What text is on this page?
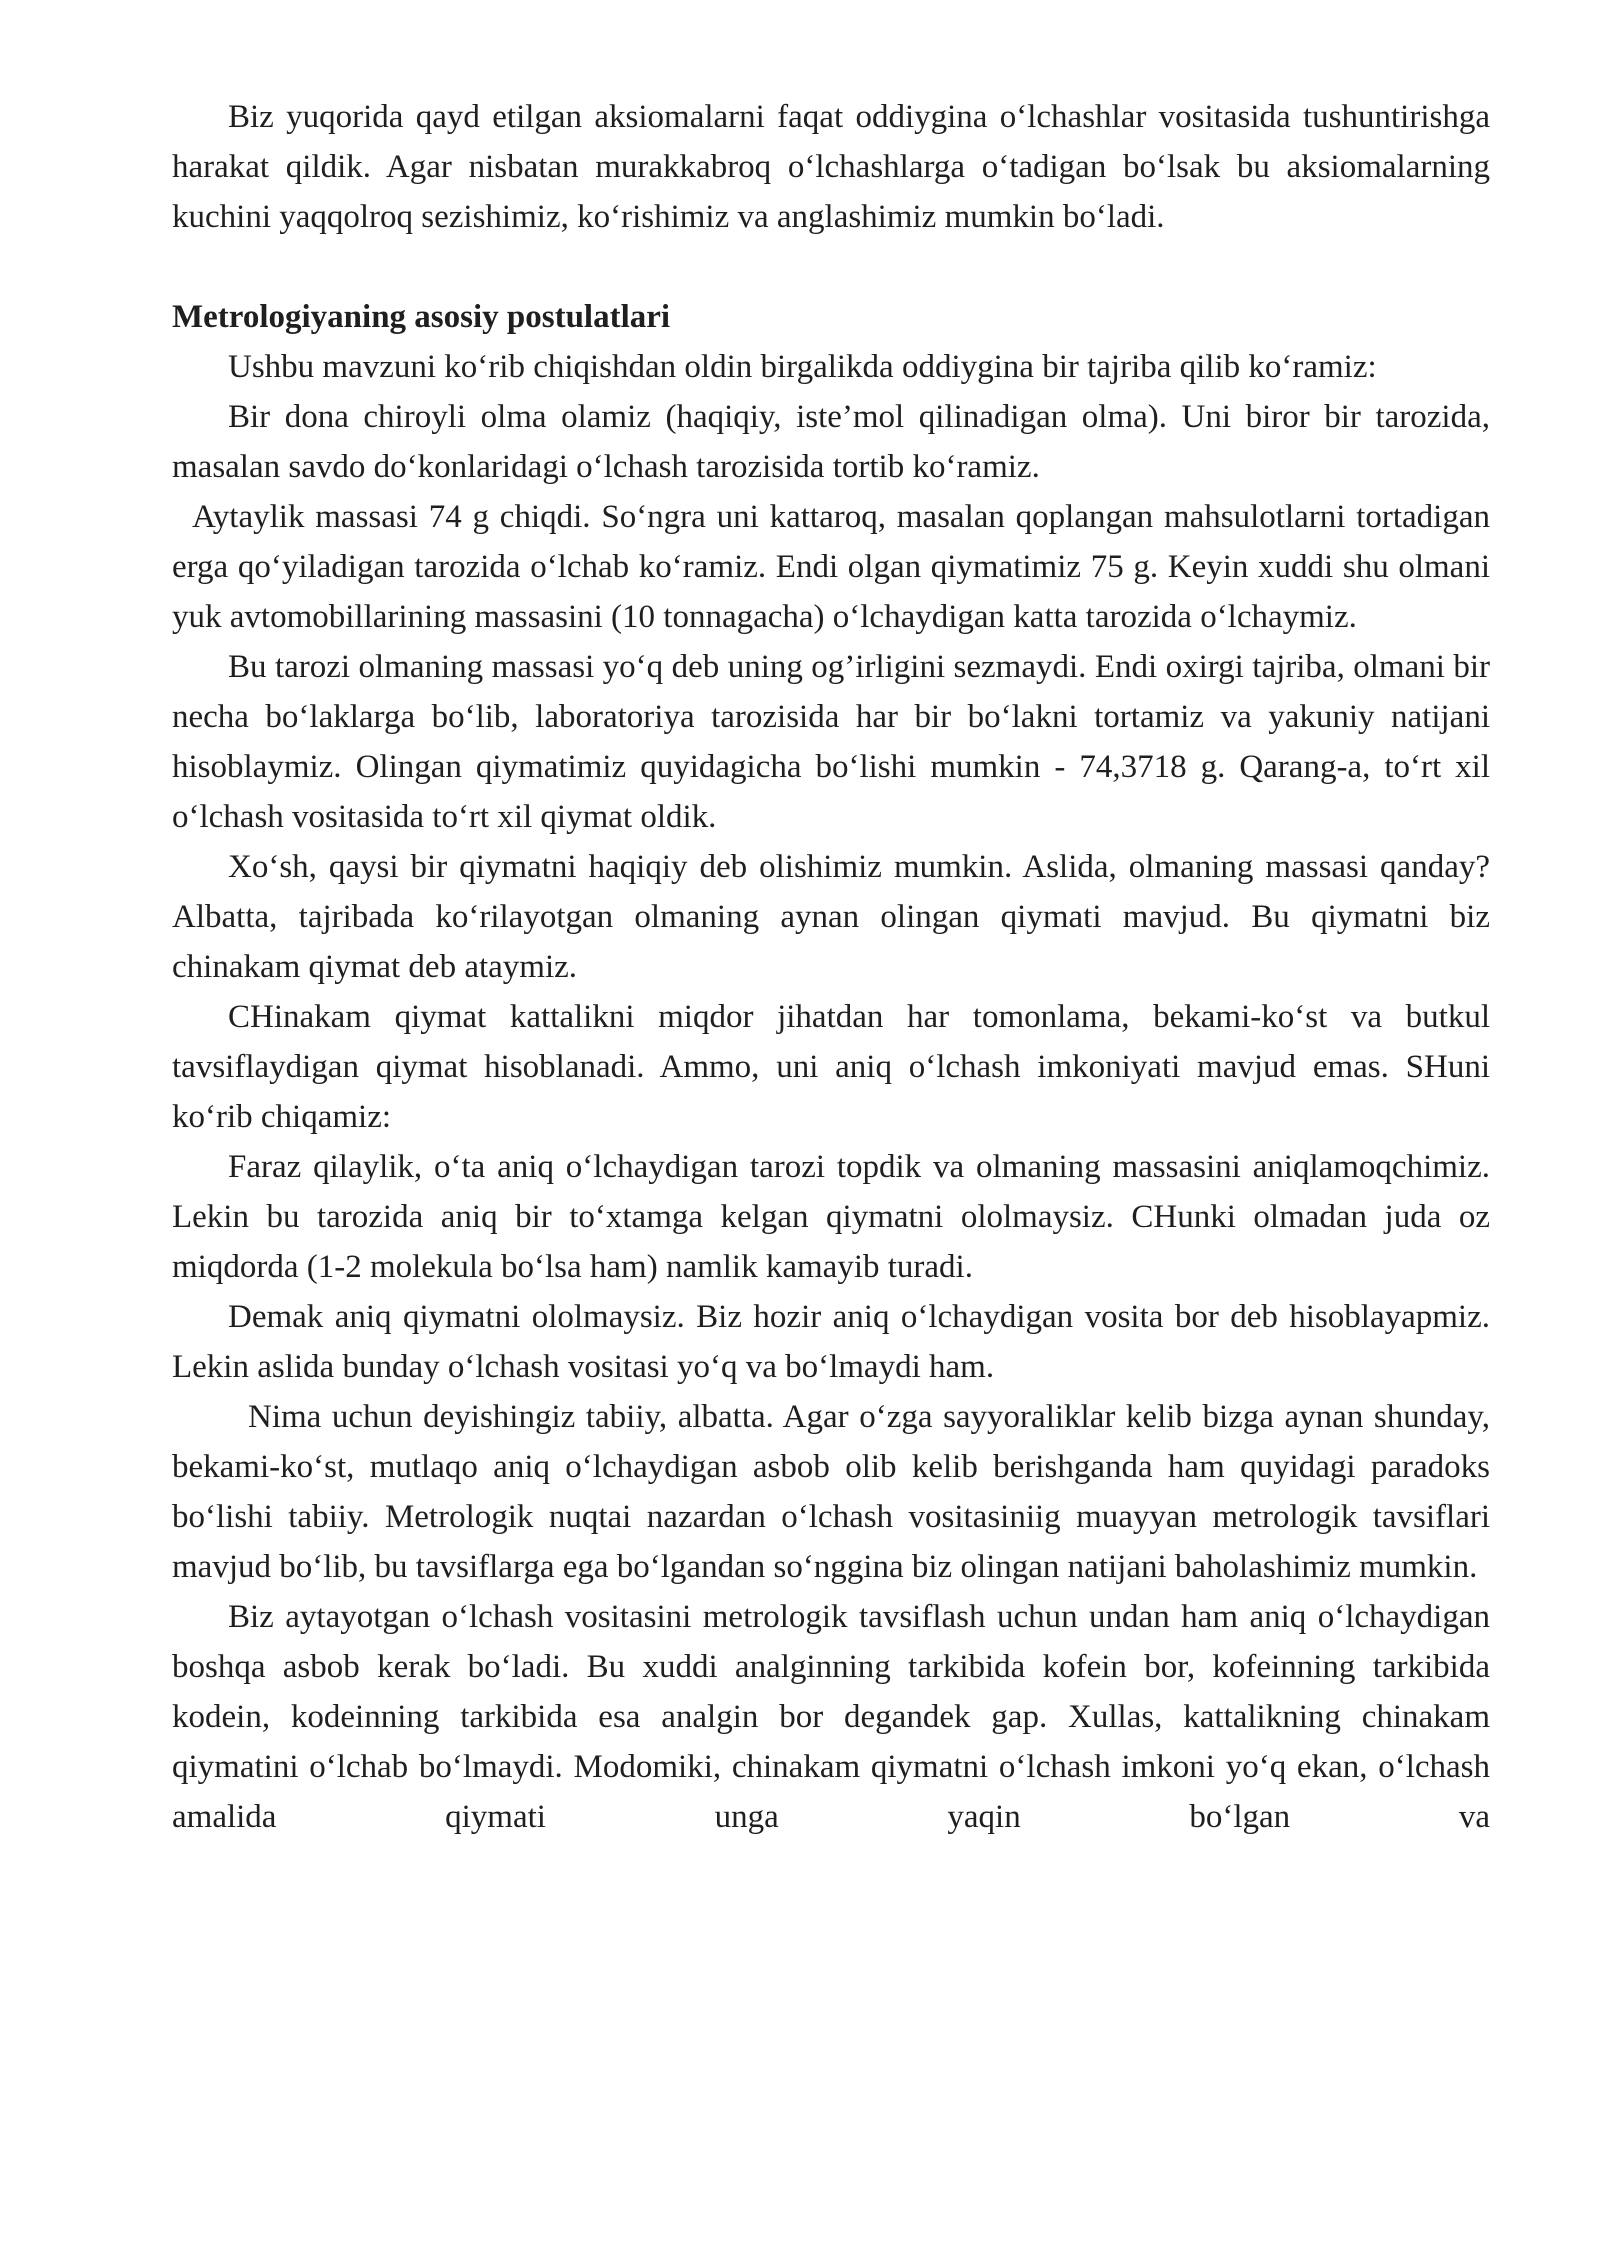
Biz yuqorida qayd etilgan aksiomalarni faqat oddiygina o‘lchashlar vositasida tushuntirishga harakat qildik. Agar nisbatan murakkabroq o‘lchashlarga o‘tadigan bo‘lsak bu aksiomalarning kuchini yaqqolroq sezishimiz, ko‘rishimiz va anglashimiz mumkin bo‘ladi.

Metrologiyaning asosiy postulatlari

Ushbu mavzuni ko‘rib chiqishdan oldin birgalikda oddiygina bir tajriba qilib ko‘ramiz:

Bir dona chiroyli olma olamiz (haqiqiy, iste’mol qilinadigan olma). Uni biror bir tarozida, masalan savdo do‘konlaridagi o‘lchash tarozisida tortib ko‘ramiz.

Aytaylik massasi 74 g chiqdi. So‘ngra uni kattaroq, masalan qoplangan mahsulotlarni tortadigan erga qo‘yiladigan tarozida o‘lchab ko‘ramiz. Endi olgan qiymatimiz 75 g. Keyin xuddi shu olmani yuk avtomobillarining massasini (10 tonnagacha) o‘lchaydigan katta tarozida o‘lchaymiz.

Bu tarozi olmaning massasi yo‘q deb uning og’irligini sezmaydi. Endi oxirgi tajriba, olmani bir necha bo‘laklarga bo‘lib, laboratoriya tarozisida har bir bo‘lakni tortamiz va yakuniy natijani hisoblaymiz. Olingan qiymatimiz quyidagicha bo‘lishi mumkin - 74,3718 g. Qarang-a, to‘rt xil o‘lchash vositasida to‘rt xil qiymat oldik.

Xo‘sh, qaysi bir qiymatni haqiqiy deb olishimiz mumkin. Aslida, olmaning massasi qanday? Albatta, tajribada ko‘rilayotgan olmaning aynan olingan qiymati mavjud. Bu qiymatni biz chinakam qiymat deb ataymiz.

CHinakam qiymat kattalikni miqdor jihatdan har tomonlama, bekami-ko‘st va butkul tavsiflaydigan qiymat hisoblanadi. Ammo, uni aniq o‘lchash imkoniyati mavjud emas. SHuni ko‘rib chiqamiz:

Faraz qilaylik, o‘ta aniq o‘lchaydigan tarozi topdik va olmaning massasini aniqlamoqchimiz. Lekin bu tarozida aniq bir to‘xtamga kelgan qiymatni ololmaysiz. CHunki olmadan juda oz miqdorda (1-2 molekula bo‘lsa ham) namlik kamayib turadi.

Demak aniq qiymatni ololmaysiz. Biz hozir aniq o‘lchaydigan vosita bor deb hisoblayapmiz. Lekin aslida bunday o‘lchash vositasi yo‘q va bo‘lmaydi ham.

Nima uchun deyishingiz tabiiy, albatta. Agar o‘zga sayyoraliklar kelib bizga aynan shunday, bekami-ko‘st, mutlaqo aniq o‘lchaydigan asbob olib kelib berishganda ham quyidagi paradoks bo‘lishi tabiiy. Metrologik nuqtai nazardan o‘lchash vositasiniig muayyan metrologik tavsiflari mavjud bo‘lib, bu tavsiflarga ega bo‘lgandan so‘nggina biz olingan natijani baholashimiz mumkin.

Biz aytayotgan o‘lchash vositasini metrologik tavsiflash uchun undan ham aniq o‘lchaydigan boshqa asbob kerak bo‘ladi. Bu xuddi analginning tarkibida kofein bor, kofeinning tarkibida kodein, kodeinning tarkibida esa analgin bor degandek gap. Xullas, kattalikning chinakam qiymatini o‘lchab bo‘lmaydi. Modomiki, chinakam qiymatni o‘lchash imkoni yo‘q ekan, o‘lchash amalida qiymati unga yaqin bo‘lgan va
